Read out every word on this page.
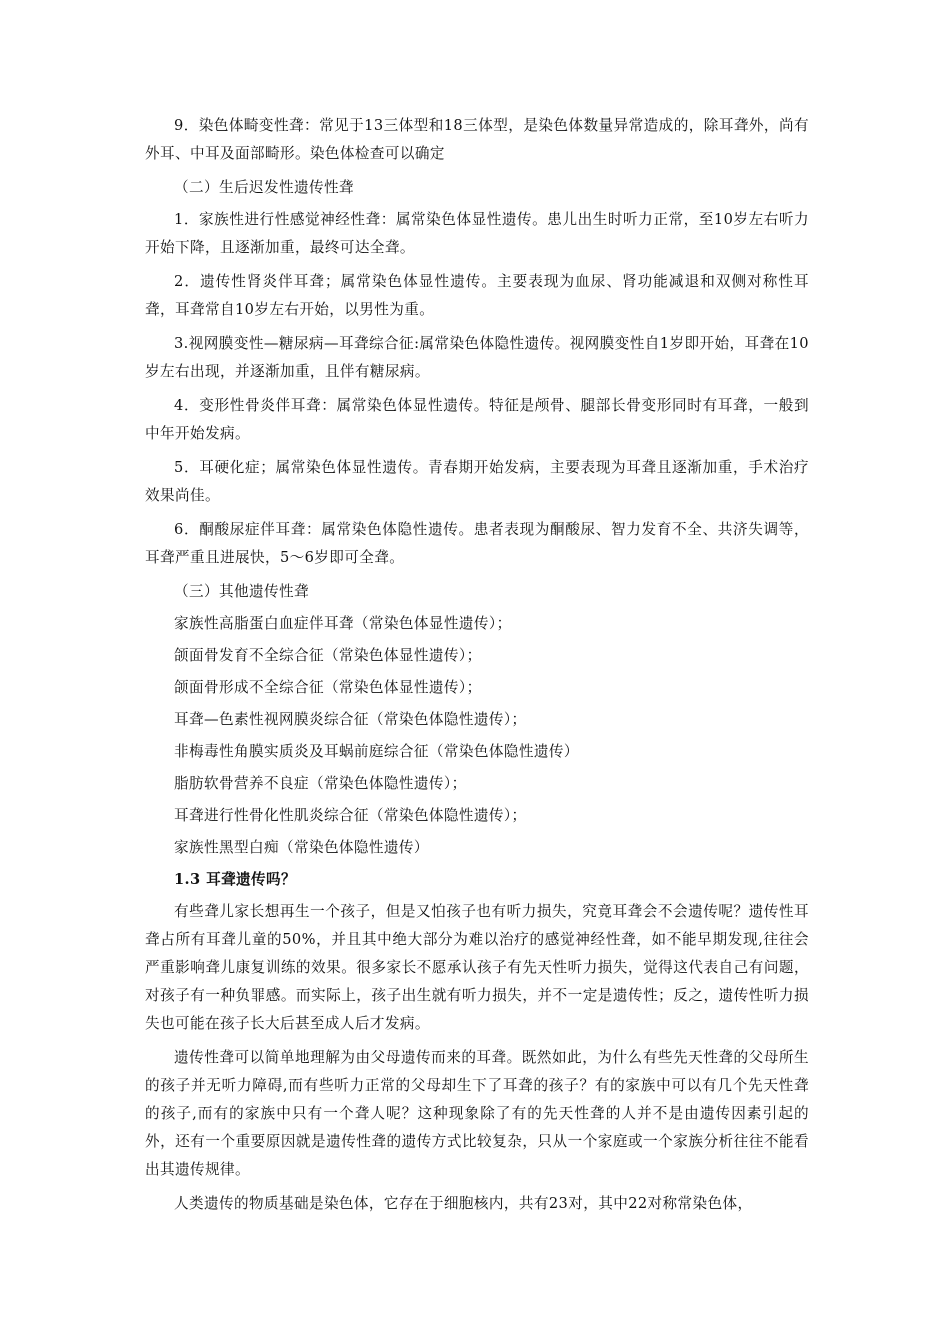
9．染色体畸变性聋：常见于13三体型和18三体型，是染色体数量异常造成的，除耳聋外，尚有外耳、中耳及面部畸形。染色体检查可以确定

（二）生后迟发性遗传性聋

1．家族性进行性感觉神经性聋：属常染色体显性遗传。患儿出生时听力正常，至10岁左右听力开始下降，且逐渐加重，最终可达全聋。

2．遗传性肾炎伴耳聋；属常染色体显性遗传。主要表现为血尿、肾功能减退和双侧对称性耳聋，耳聋常自10岁左右开始，以男性为重。

3.视网膜变性—糖尿病—耳聋综合征:属常染色体隐性遗传。视网膜变性自1岁即开始，耳聋在10岁左右出现，并逐渐加重，且伴有糖尿病。

4．变形性骨炎伴耳聋：属常染色体显性遗传。特征是颅骨、腿部长骨变形同时有耳聋，一般到中年开始发病。

5．耳硬化症；属常染色体显性遗传。青春期开始发病，主要表现为耳聋且逐渐加重，手术治疗效果尚佳。

6．酮酸尿症伴耳聋：属常染色体隐性遗传。患者表现为酮酸尿、智力发育不全、共济失调等，耳聋严重且进展快，5～6岁即可全聋。

（三）其他遗传性聋

家族性高脂蛋白血症伴耳聋（常染色体显性遗传）；

颌面骨发育不全综合征（常染色体显性遗传）；

颌面骨形成不全综合征（常染色体显性遗传）；

耳聋—色素性视网膜炎综合征（常染色体隐性遗传）；

非梅毒性角膜实质炎及耳蜗前庭综合征（常染色体隐性遗传）

脂肪软骨营养不良症（常染色体隐性遗传）；

耳聋进行性骨化性肌炎综合征（常染色体隐性遗传）；

家族性黑型白痴（常染色体隐性遗传）

1.3 耳聋遗传吗？

有些聋儿家长想再生一个孩子，但是又怕孩子也有听力损失，究竟耳聋会不会遗传呢？遗传性耳聋占所有耳聋儿童的50%，并且其中绝大部分为难以治疗的感觉神经性聋，如不能早期发现,往往会严重影响聋儿康复训练的效果。很多家长不愿承认孩子有先天性听力损失，觉得这代表自己有问题，对孩子有一种负罪感。而实际上，孩子出生就有听力损失，并不一定是遗传性；反之，遗传性听力损失也可能在孩子长大后甚至成人后才发病。

遗传性聋可以简单地理解为由父母遗传而来的耳聋。既然如此，为什么有些先天性聋的父母所生的孩子并无听力障碍,而有些听力正常的父母却生下了耳聋的孩子？有的家族中可以有几个先天性聋的孩子,而有的家族中只有一个聋人呢？这种现象除了有的先天性聋的人并不是由遗传因素引起的外，还有一个重要原因就是遗传性聋的遗传方式比较复杂，只从一个家庭或一个家族分析往往不能看出其遗传规律。

人类遗传的物质基础是染色体，它存在于细胞核内，共有23对，其中22对称常染色体，
